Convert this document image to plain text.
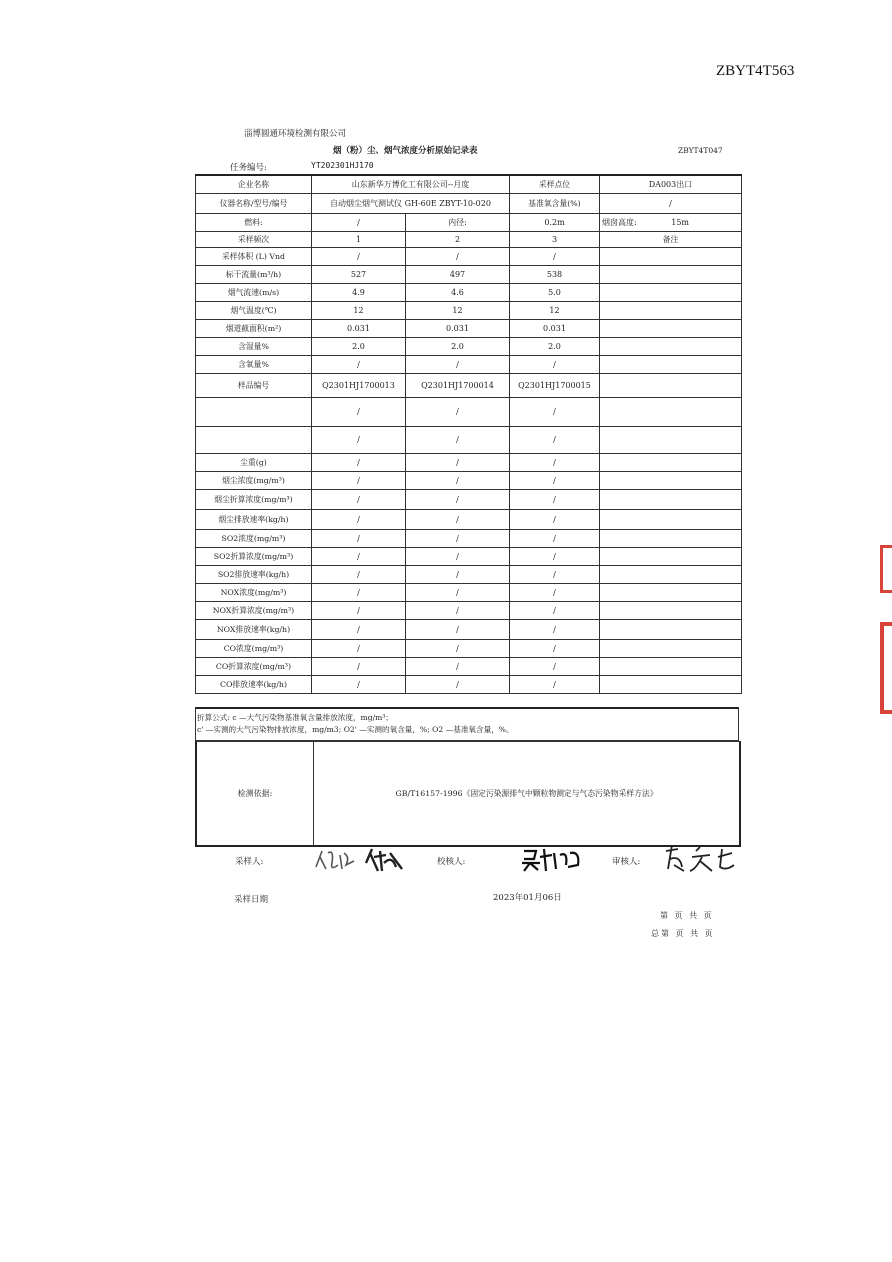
ZBYT4T563
淄博圆通环境检测有限公司
烟（粉）尘、烟气浓度分析原始记录表	ZBYT4T047
任务编号:	YT202301HJ170
企业名称	山东新华万博化工有限公司--月度		采样点位	DA003出口
仪器名称/型号/编号	自动烟尘烟气测试仪 GH-60E ZBYT-10-020		基准氧含量(%)	/
燃料:	/	内径:	0.2m	烟囱高度: 15m
采样频次	1	2	3	备注
采样体积 (L) Vnd	/	/	/	
标干流量(m³/h)	527	497	538	
烟气流速(m/s)	4.9	4.6	5.0	
烟气温度(℃)	12	12	12	
烟道截面积(m²)	0.031	0.031	0.031	
含湿量%	2.0	2.0	2.0	
含氧量%	/	/	/	
样品编号	Q2301HJ1700013	Q2301HJ1700014	Q2301HJ1700015	
	/	/	/	
	/	/	/	
尘重(g)	/	/	/	
烟尘浓度(mg/m³)	/	/	/	
烟尘折算浓度(mg/m³)	/	/	/	
烟尘排放速率(kg/h)	/	/	/	
SO2浓度(mg/m³)	/	/	/	
SO2折算浓度(mg/m³)	/	/	/	
SO2排放速率(kg/h)	/	/	/	
NOX浓度(mg/m³)	/	/	/	
NOX折算浓度(mg/m³)	/	/	/	
NOX排放速率(kg/h)	/	/	/	
CO浓度(mg/m³)	/	/	/	
CO折算浓度(mg/m³)	/	/	/	
CO排放速率(kg/h)	/	/	/	
折算公式: c —大气污染物基准氧含量排放浓度，mg/m³；
c' —实测的大气污染物排放浓度，mg/m3; O2' —实测的氧含量，%; O2 —基准氧含量，%。
检测依据:	GB/T16157-1996《固定污染源排气中颗粒物测定与气态污染物采样方法》
采样人:	校核人:	审核人:
采样日期	2023年01月06日
第 页 共 页
总第 页 共 页
